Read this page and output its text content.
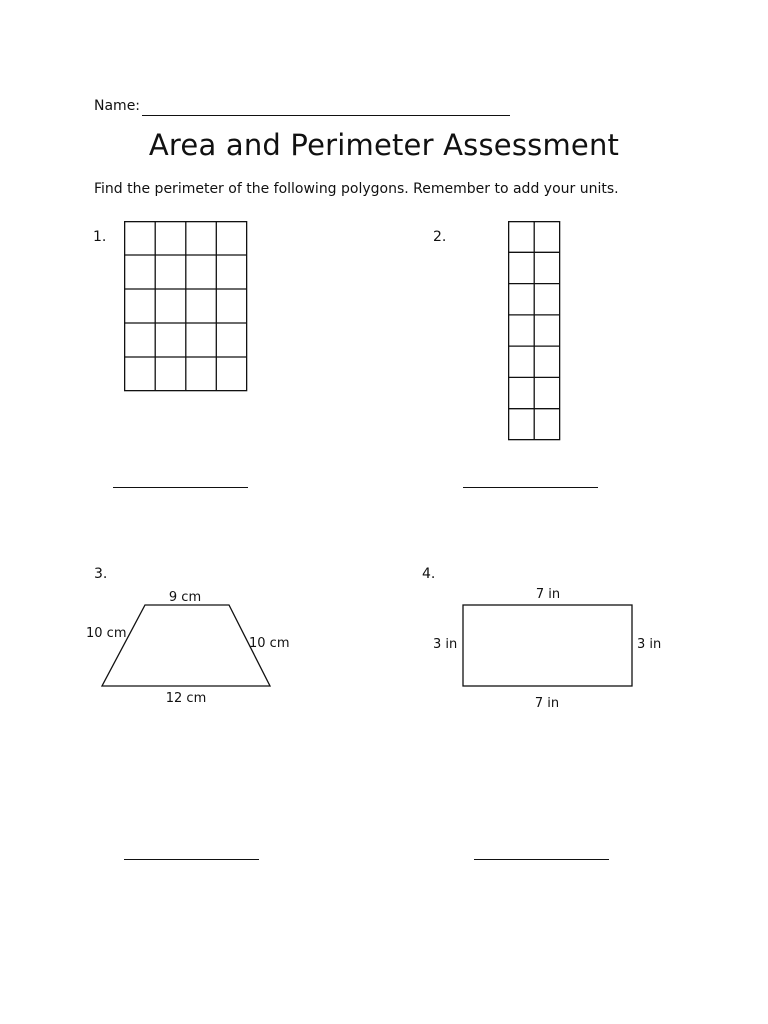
Name:
Area and Perimeter Assessment
Find the perimeter of the following polygons. Remember to add your units.
1.	2.
3.
9 cm
10 cm
10 cm
12 cm
4.
7 in
3 in	3 in
7 in
